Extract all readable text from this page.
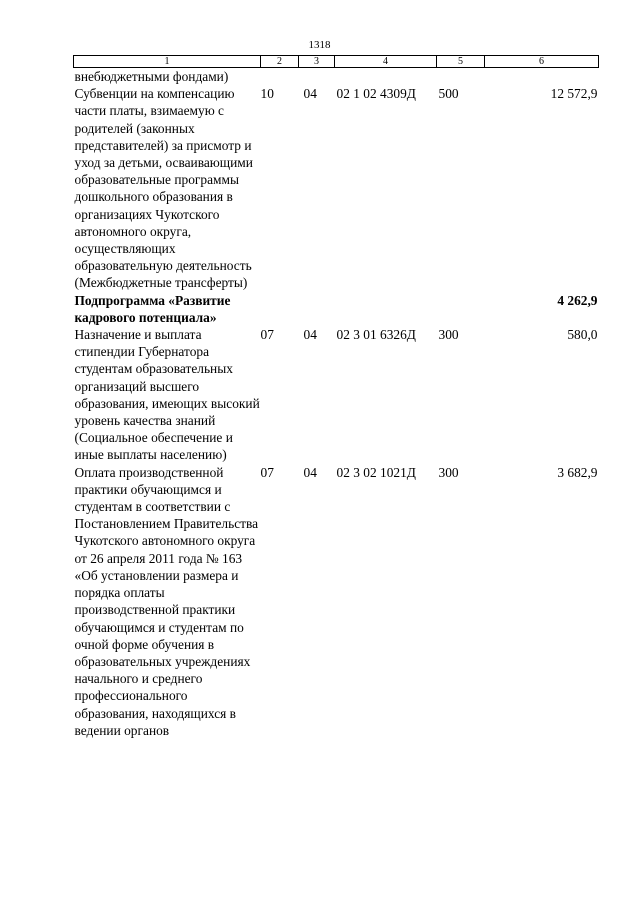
1318
1	2	3	4	5	6
внебюджетными фондами)					
Субвенции на компенсацию части платы, взимаемую с родителей (законных представителей) за присмотр и уход за детьми, осваивающими образовательные программы дошкольного образования в организациях Чукотского автономного округа, осуществляющих образовательную деятельность (Межбюджетные трансферты)	10	04	02 1 02 4309Д	500	12 572,9
Подпрограмма «Развитие кадрового потенциала»					4 262,9
Назначение и выплата стипендии Губернатора студентам образовательных организаций высшего образования, имеющих высокий уровень качества знаний (Социальное обеспечение и иные выплаты населению)	07	04	02 3 01 6326Д	300	580,0
Оплата производственной практики обучающимся и студентам в соответствии с Постановлением Правительства Чукотского автономного округа от 26 апреля 2011 года № 163 «Об установлении размера и порядка оплаты производственной практики обучающимся и студентам по очной форме обучения в образовательных учреждениях начального и среднего профессионального образования, находящихся в ведении органов	07	04	02 3 02 1021Д	300	3 682,9
